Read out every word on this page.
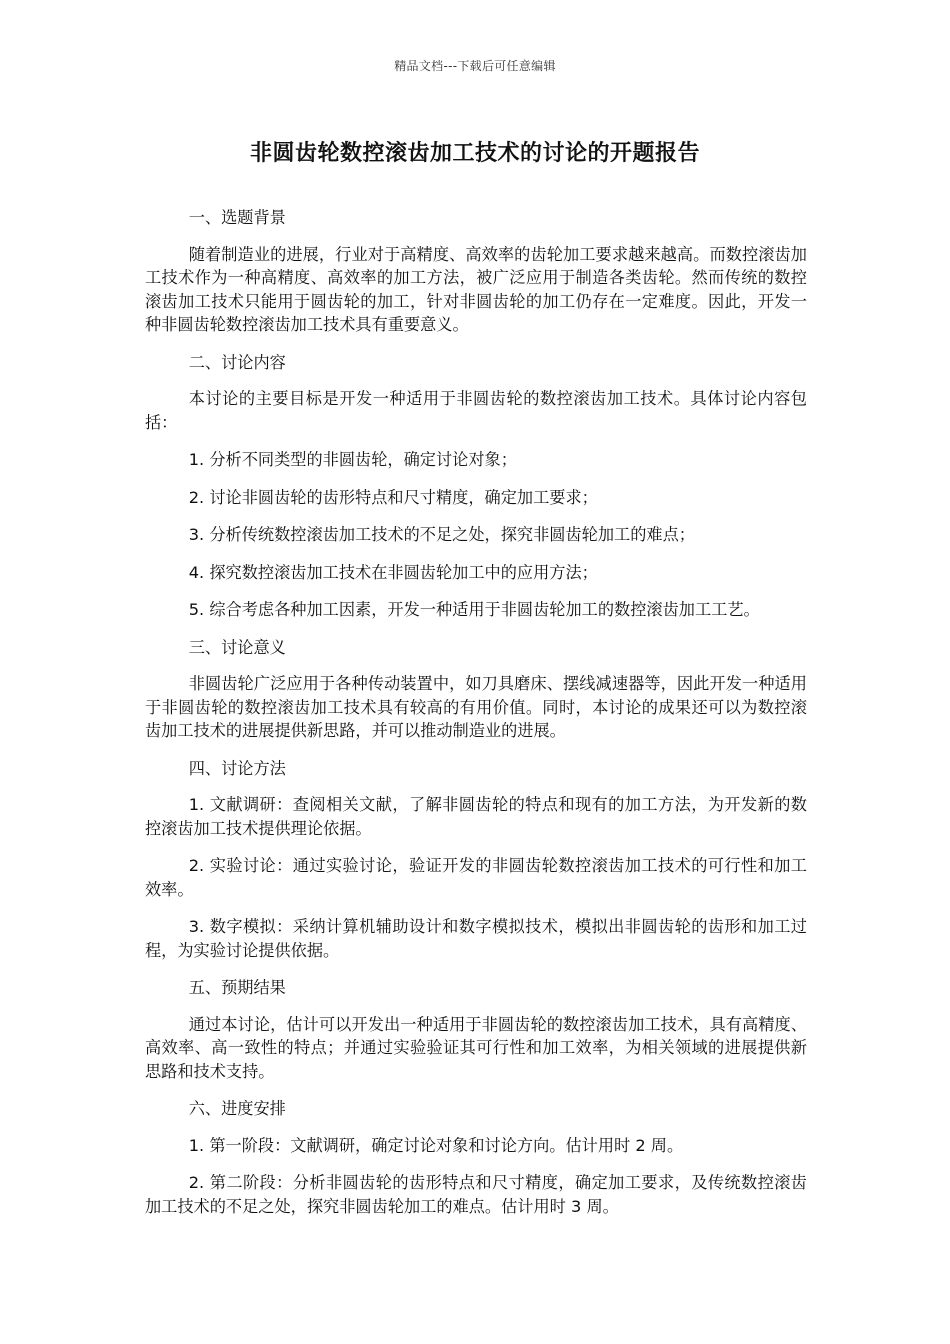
精品文档---下载后可任意编辑
非圆齿轮数控滚齿加工技术的讨论的开题报告

一、选题背景

随着制造业的进展，行业对于高精度、高效率的齿轮加工要求越来越高。而数控滚齿加工技术作为一种高精度、高效率的加工方法，被广泛应用于制造各类齿轮。然而传统的数控滚齿加工技术只能用于圆齿轮的加工，针对非圆齿轮的加工仍存在一定难度。因此，开发一种非圆齿轮数控滚齿加工技术具有重要意义。

二、讨论内容

本讨论的主要目标是开发一种适用于非圆齿轮的数控滚齿加工技术。具体讨论内容包括：

1. 分析不同类型的非圆齿轮，确定讨论对象；

2. 讨论非圆齿轮的齿形特点和尺寸精度，确定加工要求；

3. 分析传统数控滚齿加工技术的不足之处，探究非圆齿轮加工的难点；

4. 探究数控滚齿加工技术在非圆齿轮加工中的应用方法；

5. 综合考虑各种加工因素，开发一种适用于非圆齿轮加工的数控滚齿加工工艺。

三、讨论意义

非圆齿轮广泛应用于各种传动装置中，如刀具磨床、摆线减速器等，因此开发一种适用于非圆齿轮的数控滚齿加工技术具有较高的有用价值。同时，本讨论的成果还可以为数控滚齿加工技术的进展提供新思路，并可以推动制造业的进展。

四、讨论方法

1. 文献调研：查阅相关文献，了解非圆齿轮的特点和现有的加工方法，为开发新的数控滚齿加工技术提供理论依据。

2. 实验讨论：通过实验讨论，验证开发的非圆齿轮数控滚齿加工技术的可行性和加工效率。

3. 数字模拟：采纳计算机辅助设计和数字模拟技术，模拟出非圆齿轮的齿形和加工过程，为实验讨论提供依据。

五、预期结果

通过本讨论，估计可以开发出一种适用于非圆齿轮的数控滚齿加工技术，具有高精度、高效率、高一致性的特点；并通过实验验证其可行性和加工效率，为相关领域的进展提供新思路和技术支持。

六、进度安排

1. 第一阶段：文献调研，确定讨论对象和讨论方向。估计用时 2 周。

2. 第二阶段：分析非圆齿轮的齿形特点和尺寸精度，确定加工要求，及传统数控滚齿加工技术的不足之处，探究非圆齿轮加工的难点。估计用时 3 周。
